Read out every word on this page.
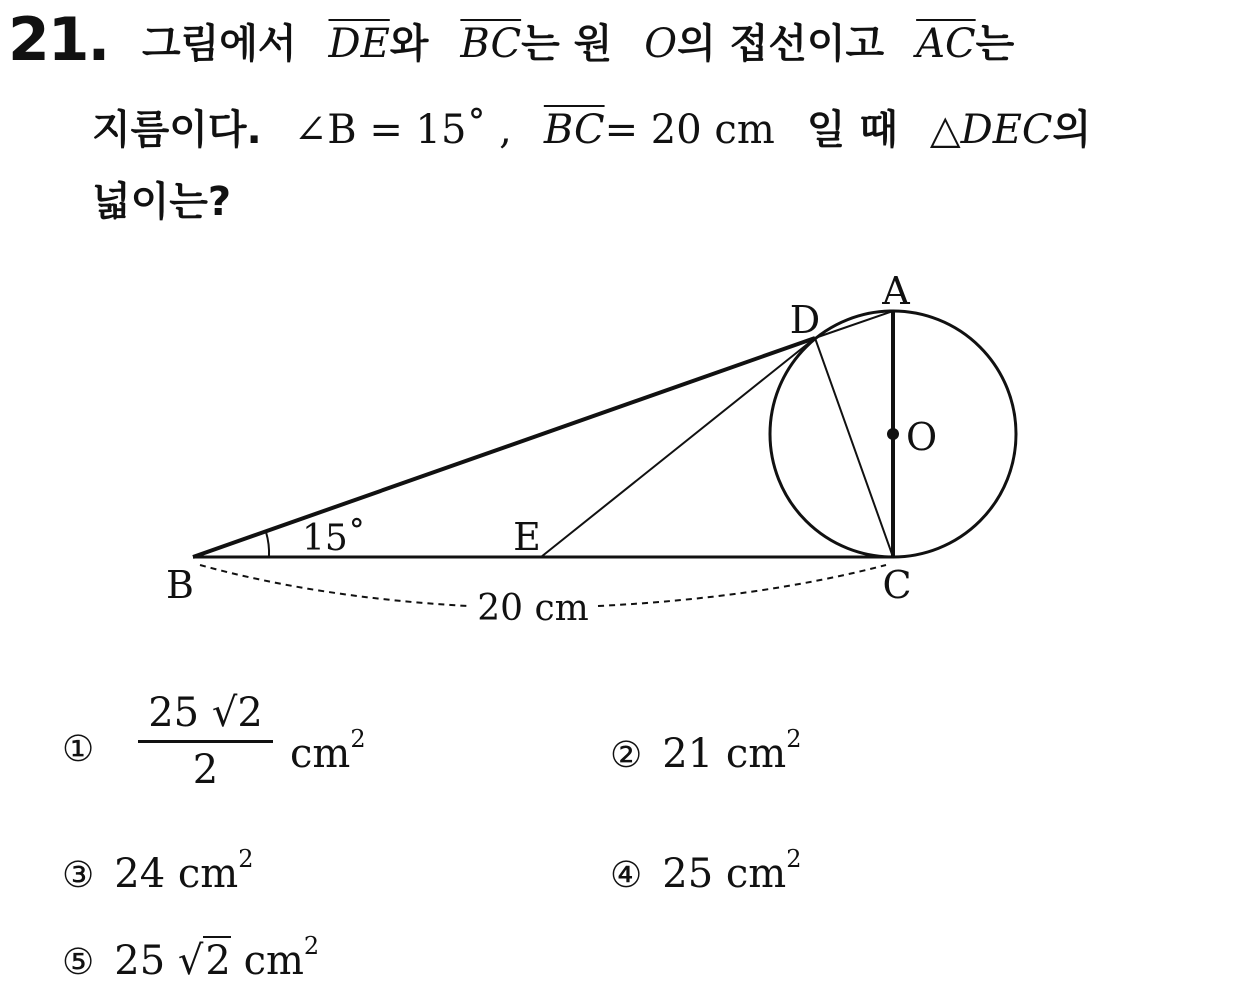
21. 그림에서 $\overline{DE}$와 $\overline{BC}$는 원 O의 접선이고 $\overline{AC}$는
지름이다. ∠B = 15˚ , $\overline{BC}= 20$ cm 일 때 △DEC의
넓이는?
A
D
O
E
B	C
15˚
20 cm
①	$\frac{25 √2}{2} cm^2$	② 21 $cm^2$
③ 24 $cm^2$	④ 25 $cm^2$
⑤ 25 √2 $cm^2$
